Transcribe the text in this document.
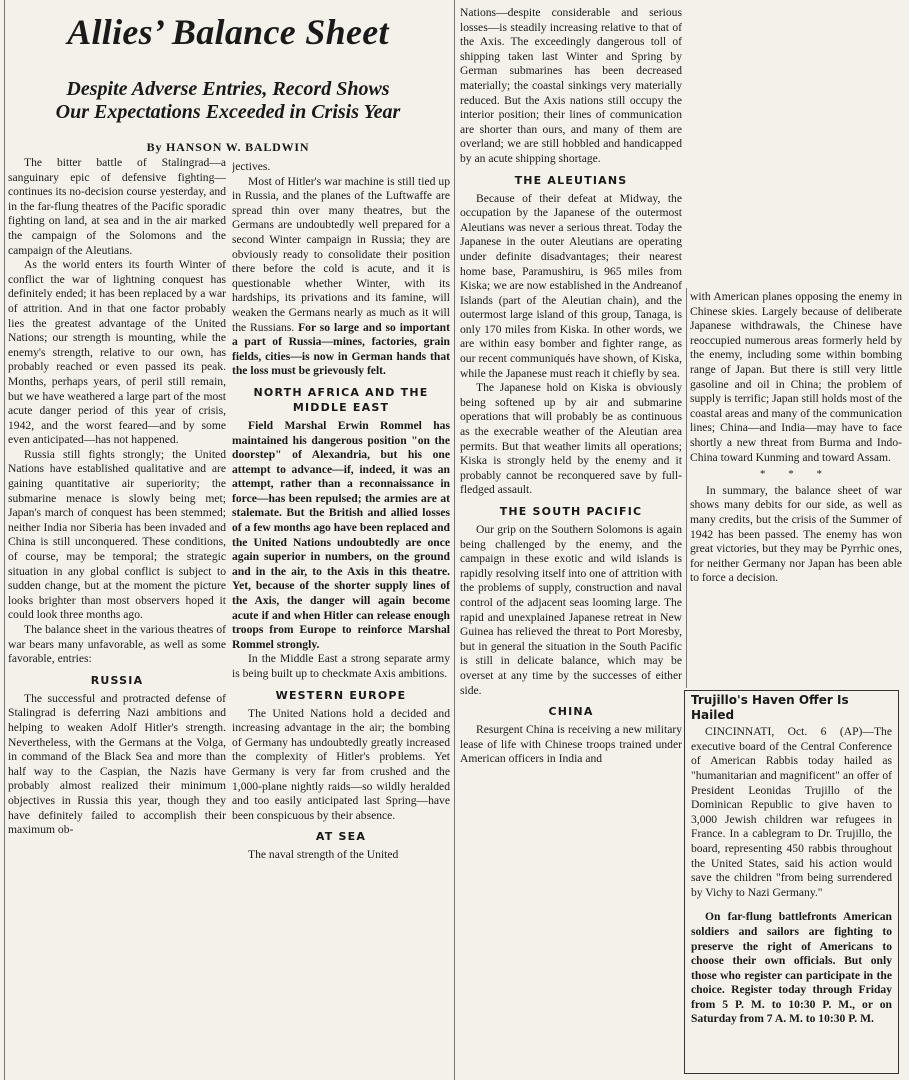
Allies’ Balance Sheet
Despite Adverse Entries, Record Shows
Our Expectations Exceeded in Crisis Year
By HANSON W. BALDWIN

The bitter battle of Stalingrad—a sanguinary epic of defensive fighting—continues its no-decision course yesterday, and in the far-flung theatres of the Pacific sporadic fighting on land, at sea and in the air marked the campaign of the Solomons and the campaign of the Aleutians.

As the world enters its fourth Winter of conflict the war of lightning conquest has definitely ended; it has been replaced by a war of attrition. And in that one factor probably lies the greatest advantage of the United Nations; our strength is mounting, while the enemy's strength, relative to our own, has probably reached or even passed its peak. Months, perhaps years, of peril still remain, but we have weathered a large part of the most acute danger period of this year of crisis, 1942, and the worst feared—and by some even anticipated—has not happened.

Russia still fights strongly; the United Nations have established qualitative and are gaining quantitative air superiority; the submarine menace is slowly being met; Japan's march of conquest has been stemmed; neither India nor Siberia has been invaded and China is still unconquered. These conditions, of course, may be temporal; the strategic situation in any global conflict is subject to sudden change, but at the moment the picture looks brighter than most observers hoped it could look three months ago.

The balance sheet in the various theatres of war bears many unfavorable, as well as some favorable, entries:

RUSSIA

The successful and protracted defense of Stalingrad is deferring Nazi ambitions and helping to weaken Adolf Hitler's strength. Nevertheless, with the Germans at the Volga, in command of the Black Sea and more than half way to the Caspian, the Nazis have probably almost realized their minimum objectives in Russia this year, though they have definitely failed to accomplish their maximum ob-

jectives.

Most of Hitler's war machine is still tied up in Russia, and the planes of the Luftwaffe are spread thin over many theatres, but the Germans are undoubtedly well prepared for a second Winter campaign in Russia; they are obviously ready to consolidate their position there before the cold is acute, and it is questionable whether Winter, with its hardships, its privations and its famine, will weaken the Germans nearly as much as it will the Russians. For so large and so important a part of Russia—mines, factories, grain fields, cities—is now in German hands that the loss must be grievously felt.

NORTH AFRICA AND THE
MIDDLE EAST

Field Marshal Erwin Rommel has maintained his dangerous position "on the doorstep" of Alexandria, but his one attempt to advance—if, indeed, it was an attempt, rather than a reconnaissance in force—has been repulsed; the armies are at stalemate. But the British and allied losses of a few months ago have been replaced and the United Nations undoubtedly are once again superior in numbers, on the ground and in the air, to the Axis in this theatre. Yet, because of the shorter supply lines of the Axis, the danger will again become acute if and when Hitler can release enough troops from Europe to reinforce Marshal Rommel strongly.

In the Middle East a strong separate army is being built up to checkmate Axis ambitions.

WESTERN EUROPE

The United Nations hold a decided and increasing advantage in the air; the bombing of Germany has undoubtedly greatly increased the complexity of Hitler's problems. Yet Germany is very far from crushed and the 1,000-plane nightly raids—so wildly heralded and too easily anticipated last Spring—have been conspicuous by their absence.

AT SEA

The naval strength of the United

Nations—despite considerable and serious losses—is steadily increasing relative to that of the Axis. The exceedingly dangerous toll of shipping taken last Winter and Spring by German submarines has been decreased materially; the coastal sinkings very materially reduced. But the Axis nations still occupy the interior position; their lines of communication are shorter than ours, and many of them are overland; we are still hobbled and handicapped by an acute shipping shortage.

THE ALEUTIANS

Because of their defeat at Midway, the occupation by the Japanese of the outermost Aleutians was never a serious threat. Today the Japanese in the outer Aleutians are operating under definite disadvantages; their nearest home base, Paramushiru, is 965 miles from Kiska; we are now established in the Andreanof Islands (part of the Aleutian chain), and the outermost large island of this group, Tanaga, is only 170 miles from Kiska. In other words, we are within easy bomber and fighter range, as our recent communiqués have shown, of Kiska, while the Japanese must reach it chiefly by sea.

The Japanese hold on Kiska is obviously being softened up by air and submarine operations that will probably be as continuous as the execrable weather of the Aleutian area permits. But that weather limits all operations; Kiska is strongly held by the enemy and it probably cannot be reconquered save by full-fledged assault.

THE SOUTH PACIFIC

Our grip on the Southern Solomons is again being challenged by the enemy, and the campaign in these exotic and wild islands is rapidly resolving itself into one of attrition with the problems of supply, construction and naval control of the adjacent seas looming large. The rapid and unexplained Japanese retreat in New Guinea has relieved the threat to Port Moresby, but in general the situation in the South Pacific is still in delicate balance, which may be overset at any time by the successes of either side.

CHINA

Resurgent China is receiving a new military lease of life with Chinese troops trained under American officers in India and

with American planes opposing the enemy in Chinese skies. Largely because of deliberate Japanese withdrawals, the Chinese have reoccupied numerous areas formerly held by the enemy, including some within bombing range of Japan. But there is still very little gasoline and oil in China; the problem of supply is terrific; Japan still holds most of the coastal areas and many of the communication lines; China—and India—may have to face shortly a new threat from Burma and Indo-China toward Kunming and toward Assam.

* * *

In summary, the balance sheet of war shows many debits for our side, as well as many credits, but the crisis of the Summer of 1942 has been passed. The enemy has won great victories, but they may be Pyrrhic ones, for neither Germany nor Japan has been able to force a decision.

Trujillo's Haven Offer Is Hailed

CINCINNATI, Oct. 6 (AP)—The executive board of the Central Conference of American Rabbis today hailed as "humanitarian and magnificent" an offer of President Leonidas Trujillo of the Dominican Republic to give haven to 3,000 Jewish children war refugees in France. In a cablegram to Dr. Trujillo, the board, representing 450 rabbis throughout the United States, said his action would save the children "from being surrendered by Vichy to Nazi Germany."

On far-flung battlefronts American soldiers and sailors are fighting to preserve the right of Americans to choose their own officials. But only those who register can participate in the choice. Register today through Friday from 5 P. M. to 10:30 P. M., or on Saturday from 7 A. M. to 10:30 P. M.
